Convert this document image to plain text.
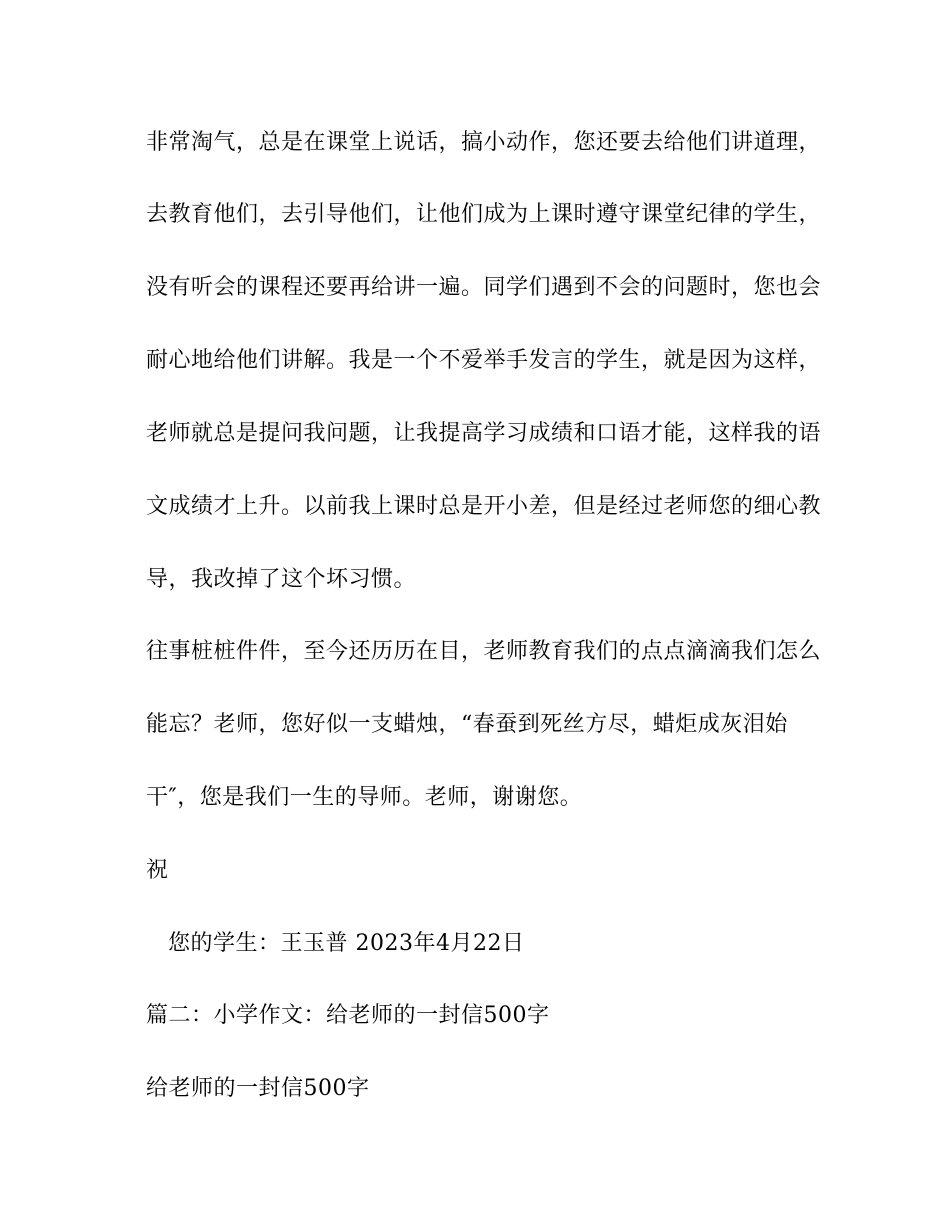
非常淘气，总是在课堂上说话，搞小动作，您还要去给他们讲道理，
去教育他们，去引导他们，让他们成为上课时遵守课堂纪律的学生，
没有听会的课程还要再给讲一遍。同学们遇到不会的问题时，您也会
耐心地给他们讲解。我是一个不爱举手发言的学生，就是因为这样，
老师就总是提问我问题，让我提高学习成绩和口语才能，这样我的语
文成绩才上升。以前我上课时总是开小差，但是经过老师您的细心教
导，我改掉了这个坏习惯。
往事桩桩件件，至今还历历在目，老师教育我们的点点滴滴我们怎么
能忘？老师，您好似一支蜡烛，“春蚕到死丝方尽，蜡炬成灰泪始
干″，您是我们一生的导师。老师，谢谢您。
祝
您的学生：王玉普 2023年4月22日
篇二：小学作文：给老师的一封信500字
给老师的一封信500字
